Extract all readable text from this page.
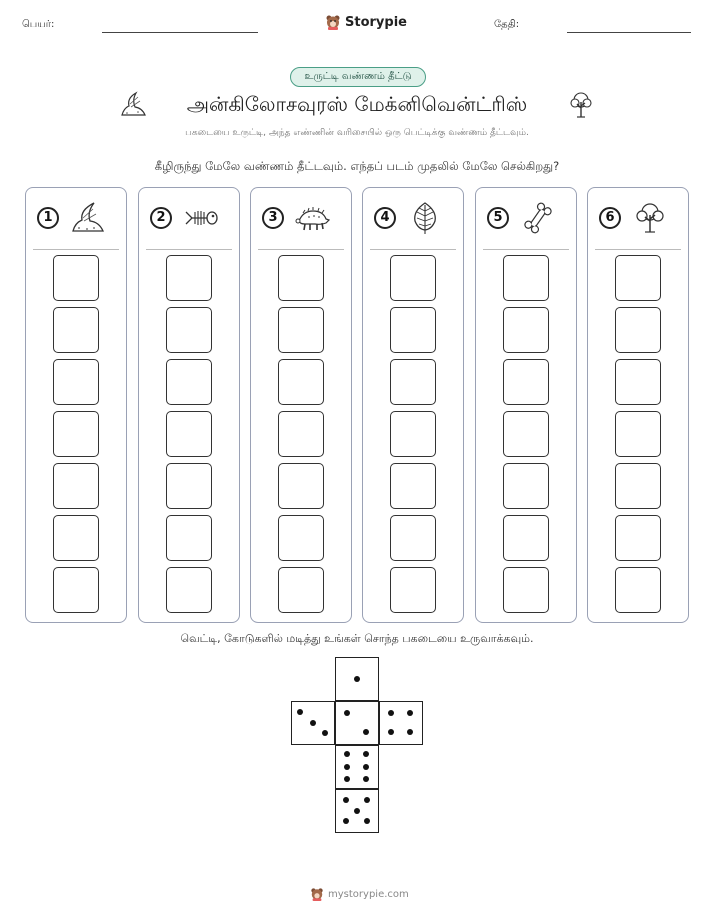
பெயர்:	Storypie	தேதி:
உருட்டி வண்ணம் தீட்டு
அன்கிலோசவுரஸ் மேக்னிவென்ட்ரிஸ்
பகடையை உருட்டி, அந்த எண்ணின் வரிசையில் ஒரு பெட்டிக்கு வண்ணம் தீட்டவும்.
கீழிருந்து மேலே வண்ணம் தீட்டவும். எந்தப் படம் முதலில் மேலே செல்கிறது?
1	2	3	4	5	6
வெட்டி, கோடுகளில் மடித்து உங்கள் சொந்த பகடையை உருவாக்கவும்.
mystorypie.com
